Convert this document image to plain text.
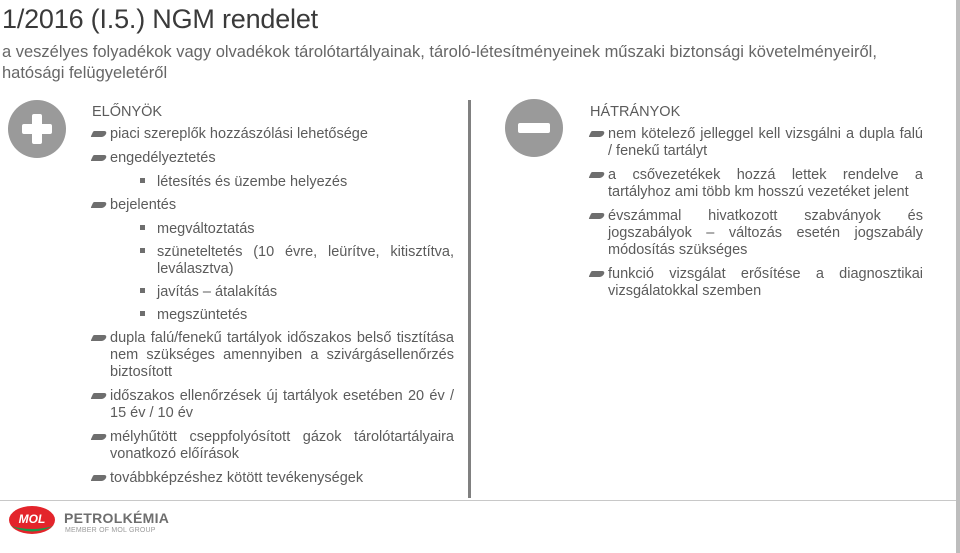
1/2016 (I.5.) NGM rendelet
a veszélyes folyadékok vagy olvadékok tárolótartályainak, tároló-létesítményeinek műszaki biztonsági követelményeiről, hatósági felügyeletéről
ELŐNYÖK
piaci szereplők hozzászólási lehetősége
engedélyeztetés
létesítés és üzembe helyezés
bejelentés
megváltoztatás
szüneteltetés (10 évre, leürítve, kitisztítva, leválasztva)
javítás – átalakítás
megszüntetés
dupla falú/fenekű tartályok időszakos belső tisztítása nem szükséges amennyiben a szivárgásellenőrzés biztosított
időszakos ellenőrzések új tartályok esetében 20 év / 15 év / 10 év
mélyhűtött cseppfolyósított gázok tárolótartályaira vonatkozó előírások
továbbképzéshez kötött tevékenységek
HÁTRÁNYOK
nem kötelező jelleggel kell vizsgálni a dupla falú / fenekű tartályt
a csővezetékek hozzá lettek rendelve a tartályhoz ami több km hosszú vezetéket jelent
évszámmal hivatkozott szabványok és jogszabályok – változás esetén jogszabály módosítás szükséges
funkció vizsgálat erősítése a diagnosztikai vizsgálatokkal szemben
MOL PETROLKÉMIA
MEMBER OF MOL GROUP
